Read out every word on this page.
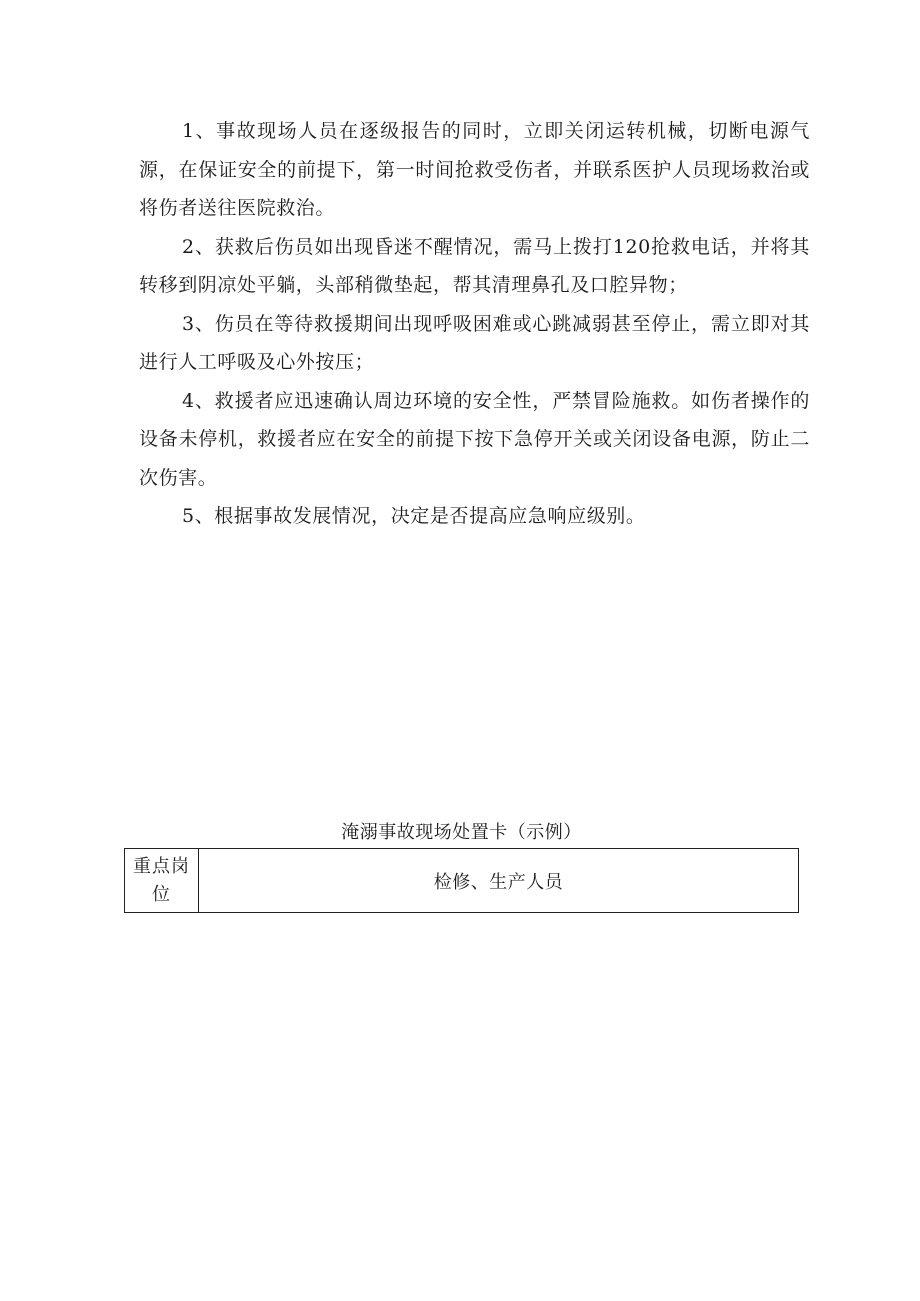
1、事故现场人员在逐级报告的同时，立即关闭运转机械，切断电源气源，在保证安全的前提下，第一时间抢救受伤者，并联系医护人员现场救治或将伤者送往医院救治。

2、获救后伤员如出现昏迷不醒情况，需马上拨打120抢救电话，并将其转移到阴凉处平躺，头部稍微垫起，帮其清理鼻孔及口腔异物；

3、伤员在等待救援期间出现呼吸困难或心跳减弱甚至停止，需立即对其进行人工呼吸及心外按压；

4、救援者应迅速确认周边环境的安全性，严禁冒险施救。如伤者操作的设备未停机，救援者应在安全的前提下按下急停开关或关闭设备电源，防止二次伤害。

5、根据事故发展情况，决定是否提高应急响应级别。

淹溺事故现场处置卡（示例）
重点岗位	检修、生产人员
